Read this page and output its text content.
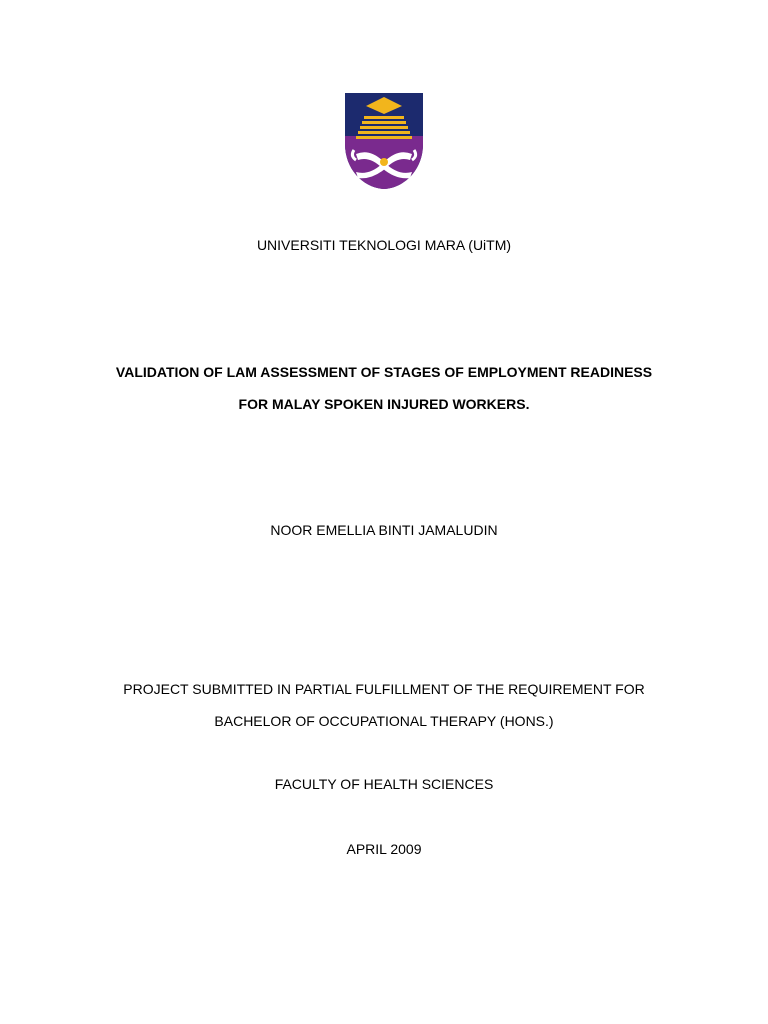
UNIVERSITI TEKNOLOGI MARA (UiTM)
VALIDATION OF LAM ASSESSMENT OF STAGES OF EMPLOYMENT READINESS
FOR MALAY SPOKEN INJURED WORKERS.
NOOR EMELLIA BINTI JAMALUDIN
PROJECT SUBMITTED IN PARTIAL FULFILLMENT OF THE REQUIREMENT FOR
BACHELOR OF OCCUPATIONAL THERAPY (HONS.)
FACULTY OF HEALTH SCIENCES
APRIL 2009
